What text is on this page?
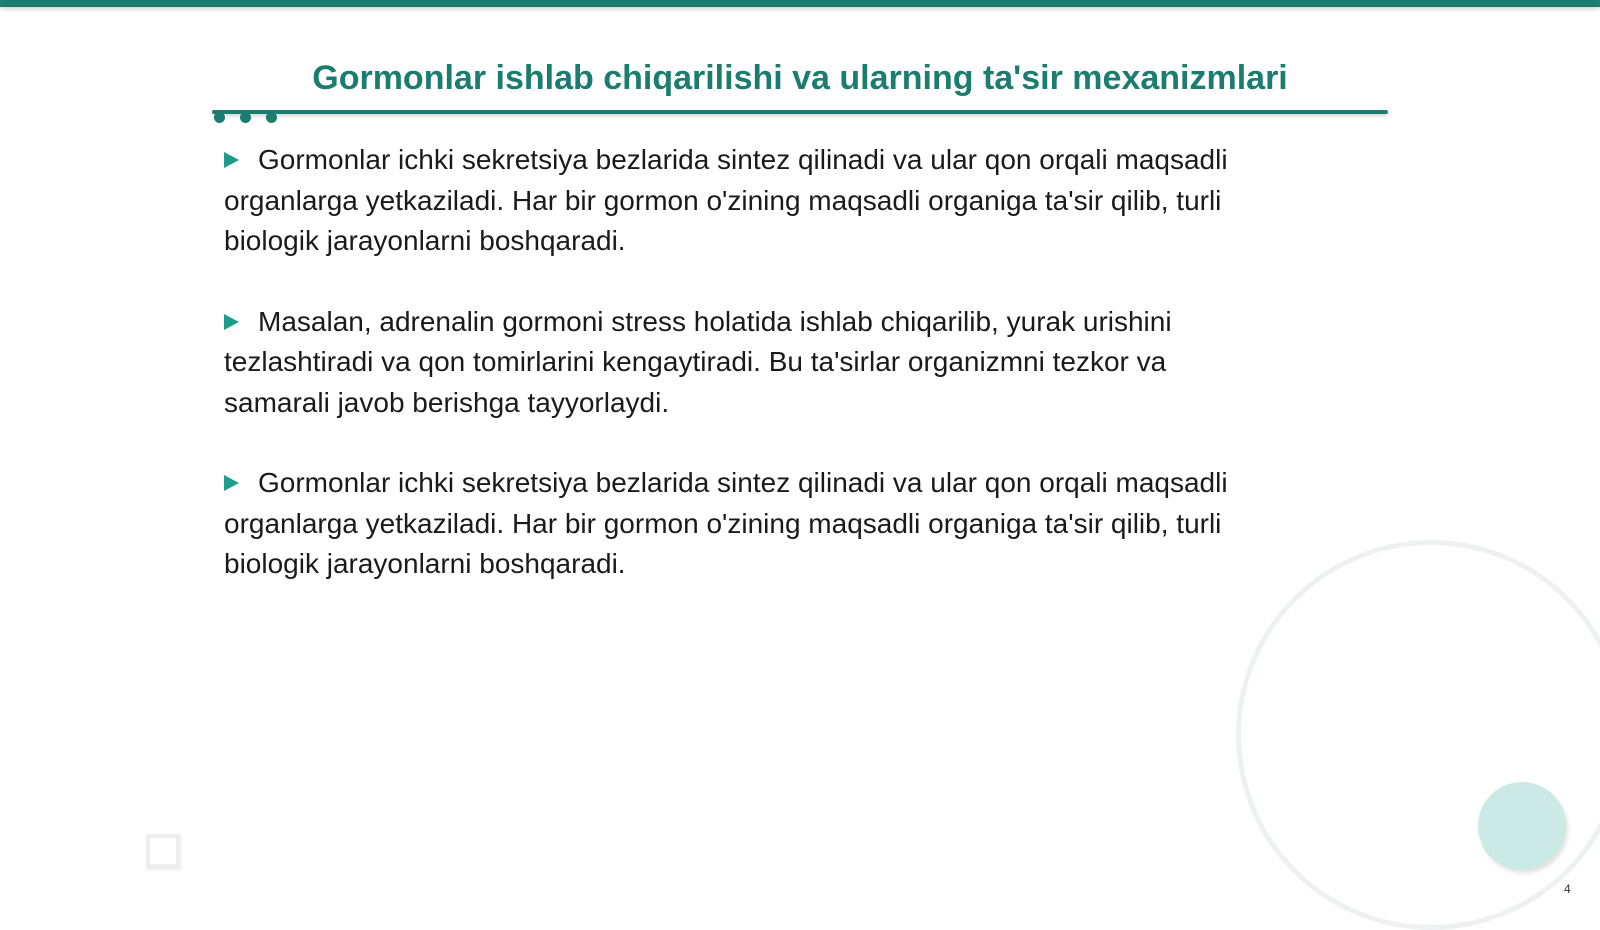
Gormonlar ishlab chiqarilishi va ularning ta'sir mexanizmlari

Gormonlar ichki sekretsiya bezlarida sintez qilinadi va ular qon orqali maqsadli
organlarga yetkaziladi. Har bir gormon o'zining maqsadli organiga ta'sir qilib, turli
biologik jarayonlarni boshqaradi.

Masalan, adrenalin gormoni stress holatida ishlab chiqarilib, yurak urishini
tezlashtiradi va qon tomirlarini kengaytiradi. Bu ta'sirlar organizmni tezkor va
samarali javob berishga tayyorlaydi.

Gormonlar ichki sekretsiya bezlarida sintez qilinadi va ular qon orqali maqsadli
organlarga yetkaziladi. Har bir gormon o'zining maqsadli organiga ta'sir qilib, turli
biologik jarayonlarni boshqaradi.

4
